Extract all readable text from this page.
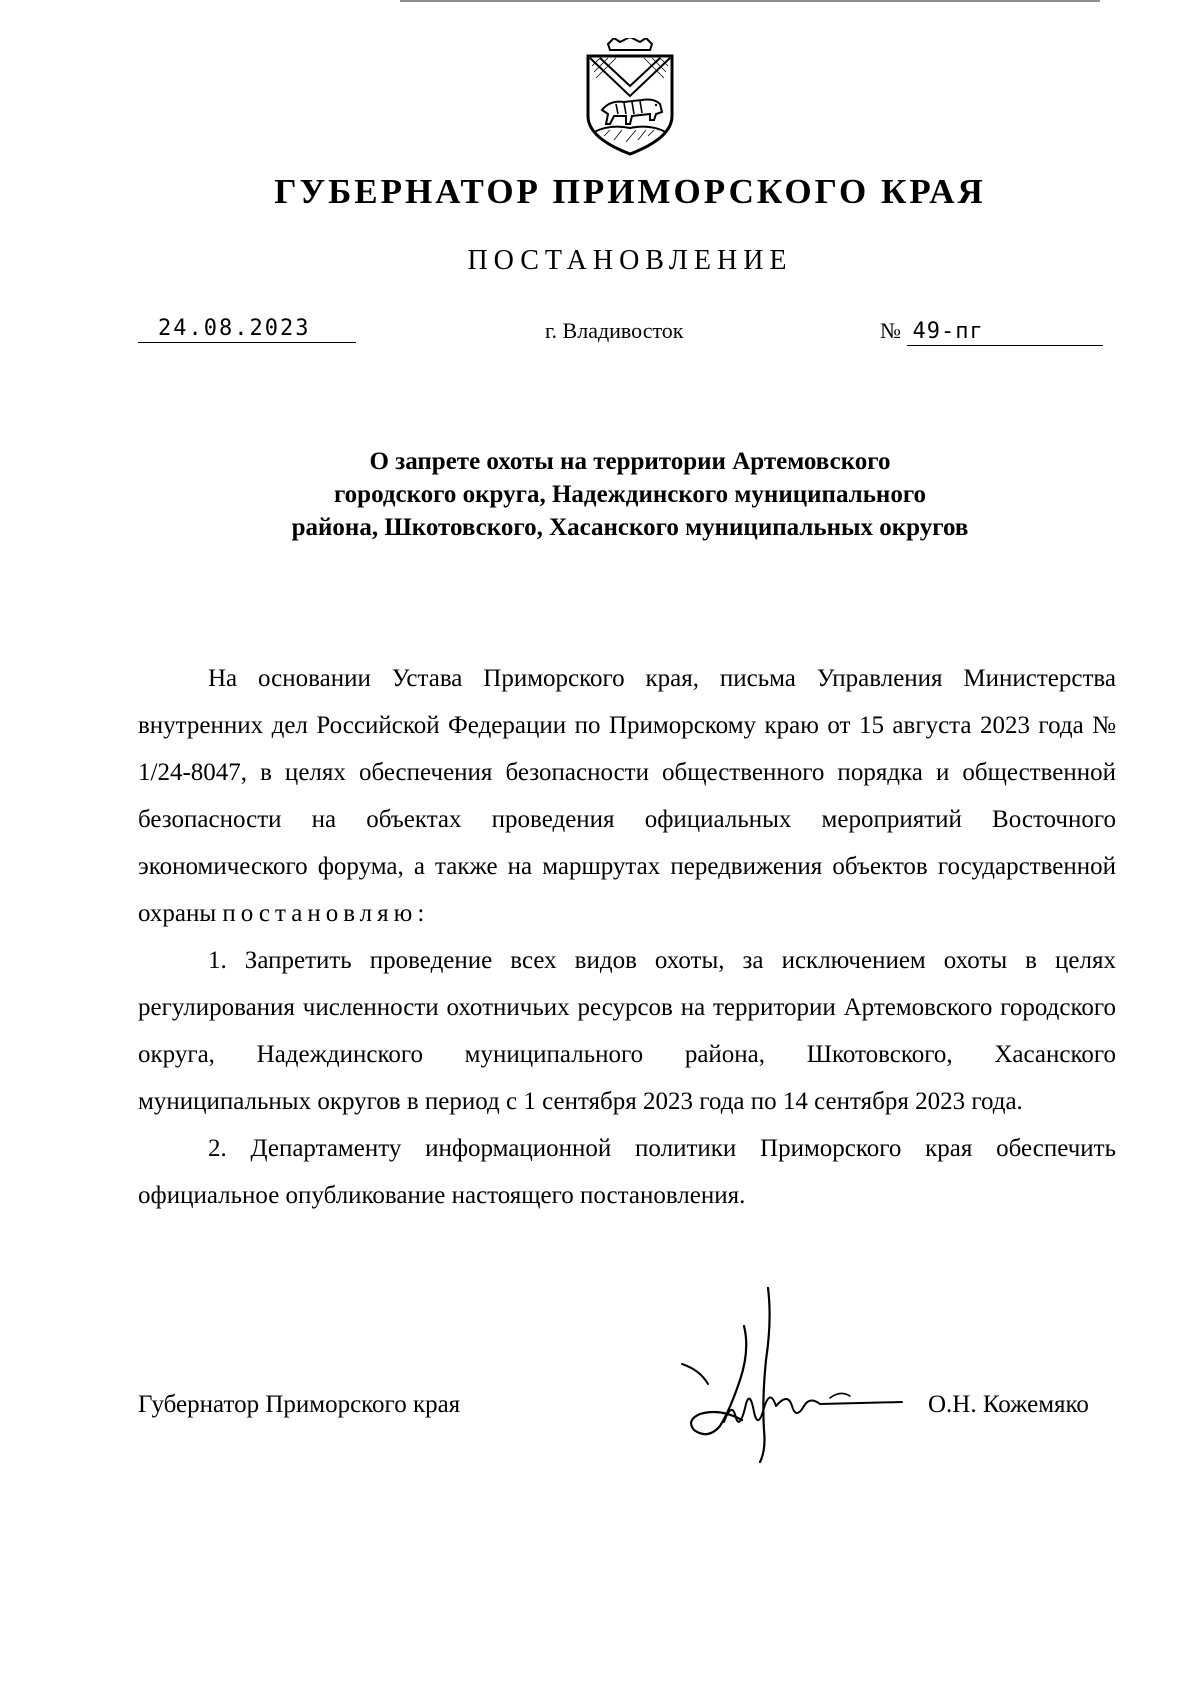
ГУБЕРНАТОР ПРИМОРСКОГО КРАЯ
ПОСТАНОВЛЕНИЕ
24.08.2023	г. Владивосток	№ 49-пг
О запрете охоты на территории Артемовского
городского округа, Надеждинского муниципального
района, Шкотовского, Хасанского муниципальных округов

На основании Устава Приморского края, письма Управления Министерства внутренних дел Российской Федерации по Приморскому краю от 15 августа 2023 года № 1/24-8047, в целях обеспечения безопасности общественного порядка и общественной безопасности на объектах проведения официальных мероприятий Восточного экономического форума, а также на маршрутах передвижения объектов государственной охраны постановляю:

1. Запретить проведение всех видов охоты, за исключением охоты в целях регулирования численности охотничьих ресурсов на территории Артемовского городского округа, Надеждинского муниципального района, Шкотовского, Хасанского муниципальных округов в период с 1 сентября 2023 года по 14 сентября 2023 года.

2. Департаменту информационной политики Приморского края обеспечить официальное опубликование настоящего постановления.

Губернатор Приморского края	О.Н. Кожемяко
